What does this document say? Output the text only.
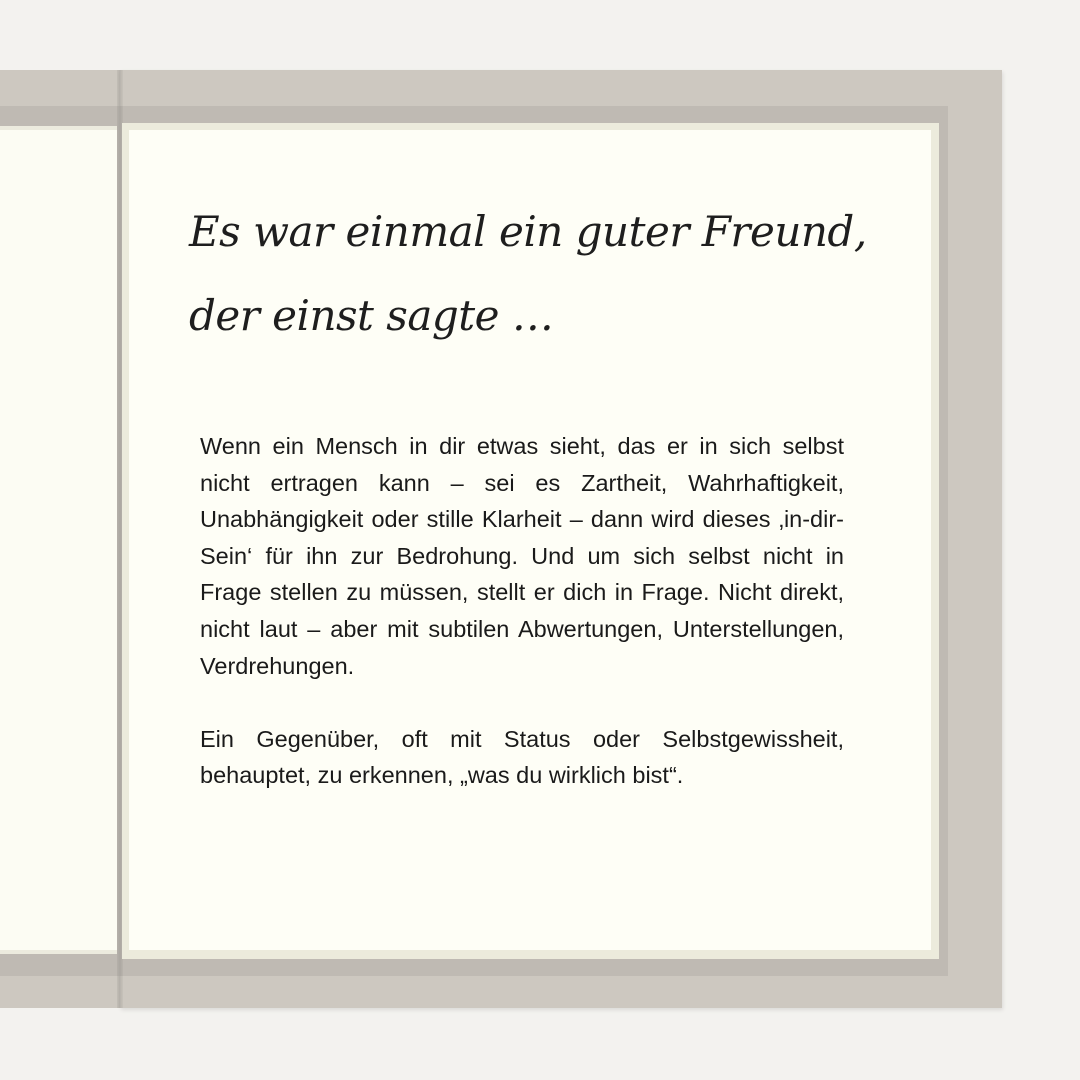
Es war einmal ein guter Freund,
der einst sagte …

Wenn ein Mensch in dir etwas sieht, das er in sich selbst nicht ertragen kann – sei es Zartheit, Wahrhaftigkeit, Unabhängigkeit oder stille Klarheit – dann wird dieses ‚in-dir-Sein‘ für ihn zur Bedrohung. Und um sich selbst nicht in Frage stellen zu müssen, stellt er dich in Frage. Nicht direkt, nicht laut – aber mit subtilen Abwertungen, Unterstellungen, Verdrehungen.

Ein Gegenüber, oft mit Status oder Selbstgewissheit, behauptet, zu erkennen, „was du wirklich bist“.
